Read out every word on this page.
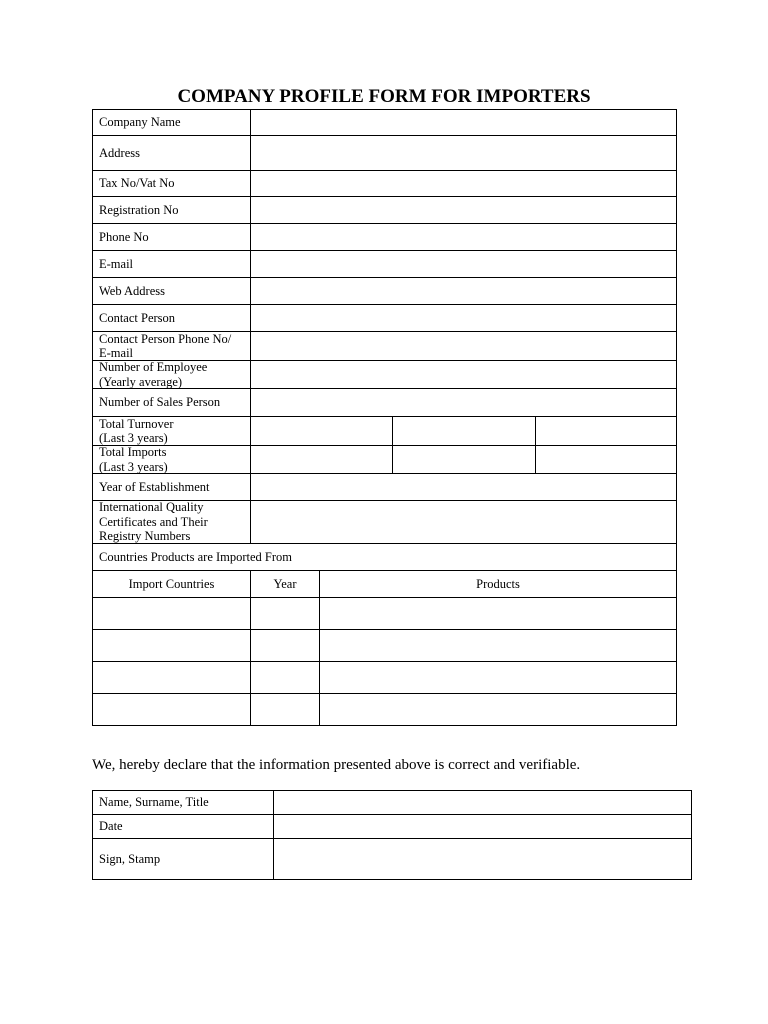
COMPANY PROFILE FORM FOR IMPORTERS
Company Name
Address
Tax No/Vat No
Registration No
Phone No
E-mail
Web Address
Contact Person
Contact Person Phone No/
E-mail
Number of Employee
(Yearly average)
Number of Sales Person
Total Turnover
(Last 3 years)
Total Imports
(Last 3 years)
Year of Establishment
International Quality
Certificates and Their
Registry Numbers
Countries Products are Imported From
Import Countries	Year	Products
We, hereby declare that the information presented above is correct and verifiable.
Name, Surname, Title
Date
Sign, Stamp
